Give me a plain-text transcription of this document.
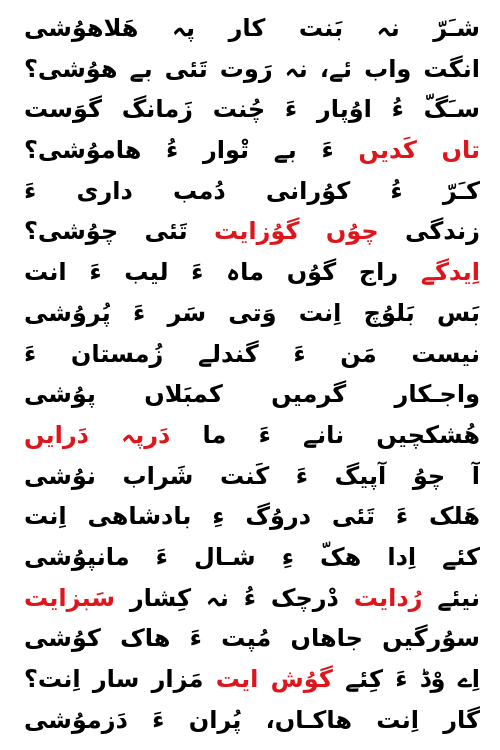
شـَرّ نہ بَنت کار پہ ھَلاھوُشی
انگت واب ئے، نہ رَوت تَئی بے ھوُشی؟
سـَگّ ءُ اوُپار ءَ چُنت زَمانگ گوَست
تاں کَدیں ءَ بے تْوار ءُ ھاموُشی؟
کـَرّ ءُ کوُرانی دُمب داری ءَ
زندگی چوُں گوُزایت تَئی چوُشی؟
اِیدگے راج گوُں ماہ ءَ لیب ءَ انت
بَس بَلوُچ اِنت وَتی سَر ءَ پُروُشی
نیست مَن ءَ گندلے زُمستان ءَ
واجـکار گرمیں کمبَلاں پوُشی
ھُشکچیں نانے ءَ ما دَرپہ دَرایں
آ چوُ آپیگ ءَ کَنت شَراب نوُشی
ھَلک ءَ تَئی دروُگ ءِ بادشاھی اِنت
کئے اِدا ھکّ ءِ شـال ءَ مانپوُشی
نیئے رُدایت دْرچک ءُ نہ کِشار سَبزایت
سوُرگیں جاھاں مُپت ءَ ھاک کوُشی
اِے وْڈ ءَ کِئے گوُش ایت مَزار سار اِنت؟
گار اِنت ھاکـاں، پُران ءَ دَزموُشی
